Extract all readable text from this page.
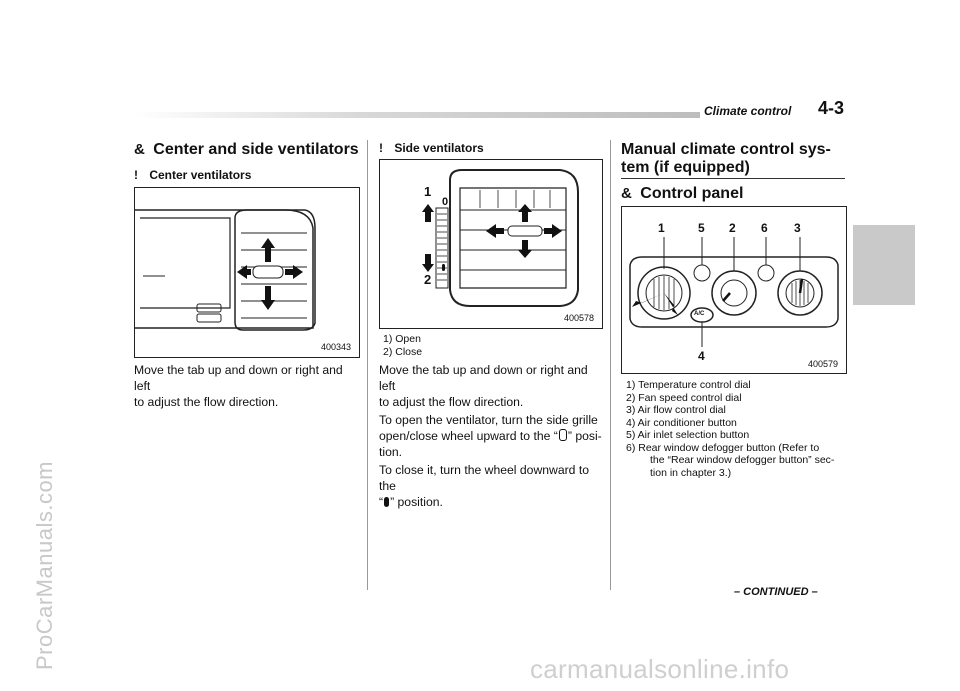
ProCarManuals.com
Climate control 4-3
& Center and side ventilators
! Center ventilators
400343
Move the tab up and down or right and left
to adjust the flow direction.
! Side ventilators
1
0
2
400578
1) Open
2) Close
Move the tab up and down or right and left
to adjust the flow direction.
To open the ventilator, turn the side grille
open/close wheel upward to the “ ” posi-
tion.
To close it, turn the wheel downward to the
“ ” position.
Manual climate control sys-
tem (if equipped)
& Control panel
1	5 2 6 3
4
A/C
400579
1) Temperature control dial
2) Fan speed control dial
3) Air flow control dial
4) Air conditioner button
5) Air inlet selection button
6) Rear window defogger button (Refer to
the “Rear window defogger button” sec-
tion in chapter 3.)
– CONTINUED –
carmanualsonline.info
